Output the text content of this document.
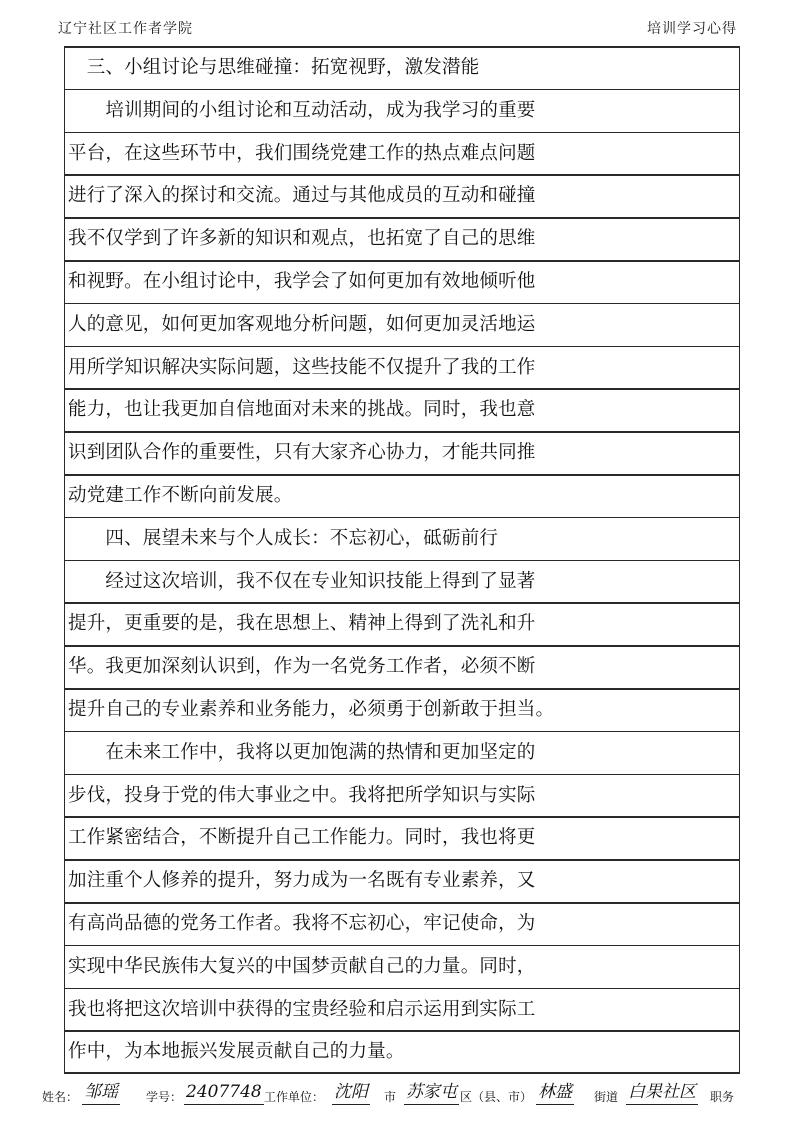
辽宁社区工作者学院	培训学习心得
　三、小组讨论与思维碰撞：拓宽视野，激发潜能
　　培训期间的小组讨论和互动活动，成为我学习的重要
平台，在这些环节中，我们围绕党建工作的热点难点问题
进行了深入的探讨和交流。通过与其他成员的互动和碰撞
我不仅学到了许多新的知识和观点，也拓宽了自己的思维
和视野。在小组讨论中，我学会了如何更加有效地倾听他
人的意见，如何更加客观地分析问题，如何更加灵活地运
用所学知识解决实际问题，这些技能不仅提升了我的工作
能力，也让我更加自信地面对未来的挑战。同时，我也意
识到团队合作的重要性，只有大家齐心协力，才能共同推
动党建工作不断向前发展。
　　四、展望未来与个人成长：不忘初心，砥砺前行
　　经过这次培训，我不仅在专业知识技能上得到了显著
提升，更重要的是，我在思想上、精神上得到了洗礼和升
华。我更加深刻认识到，作为一名党务工作者，必须不断
提升自己的专业素养和业务能力，必须勇于创新敢于担当。
　　在未来工作中，我将以更加饱满的热情和更加坚定的
步伐，投身于党的伟大事业之中。我将把所学知识与实际
工作紧密结合，不断提升自己工作能力。同时，我也将更
加注重个人修养的提升，努力成为一名既有专业素养，又
有高尚品德的党务工作者。我将不忘初心，牢记使命，为
实现中华民族伟大复兴的中国梦贡献自己的力量。同时，
我也将把这次培训中获得的宝贵经验和启示运用到实际工
作中，为本地振兴发展贡献自己的力量。
姓名： 邹瑶 学号： 2407748 工作单位： 沈阳 市 苏家屯 区（县、市） 林盛 街道 白果社区 职务
